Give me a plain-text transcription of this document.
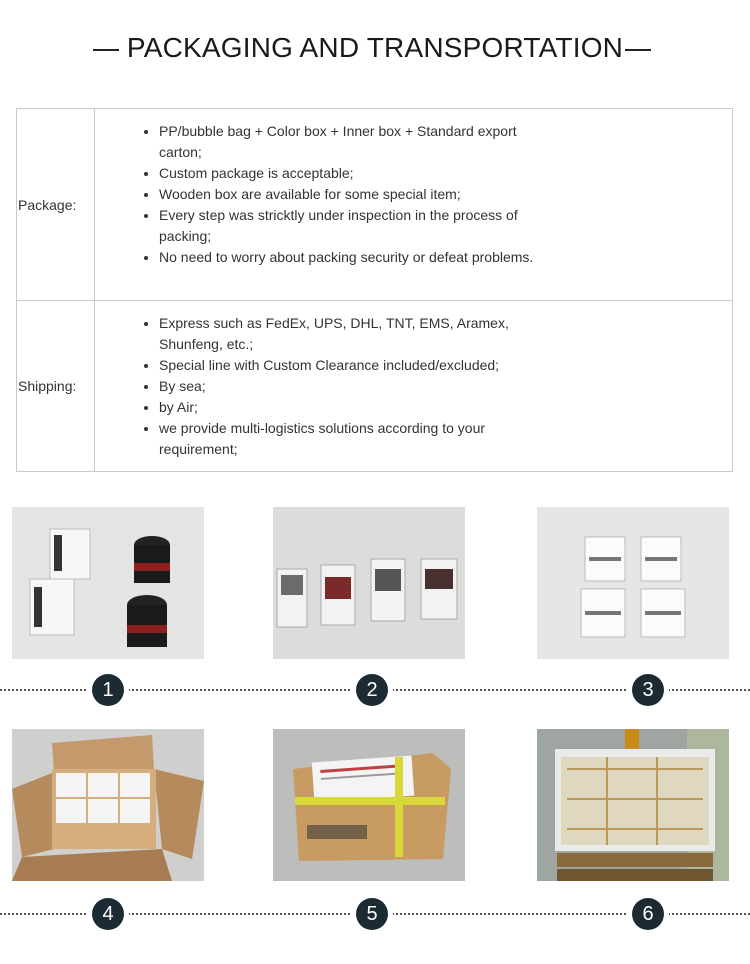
PACKAGING AND TRANSPORTATION
Package:
• PP/bubble bag + Color box + Inner box + Standard export carton;
• Custom package is acceptable;
• Wooden box are available for some special item;
• Every step was stricktly under inspection in the process of packing;
• No need to worry about packing security or defeat problems.
Shipping:
• Express such as FedEx, UPS, DHL, TNT, EMS, Aramex, Shunfeng, etc.;
• Special line with Custom Clearance included/excluded;
• By sea;
• by Air;
• we provide multi-logistics solutions according to your requirement;
1	2	3
4	5	6
